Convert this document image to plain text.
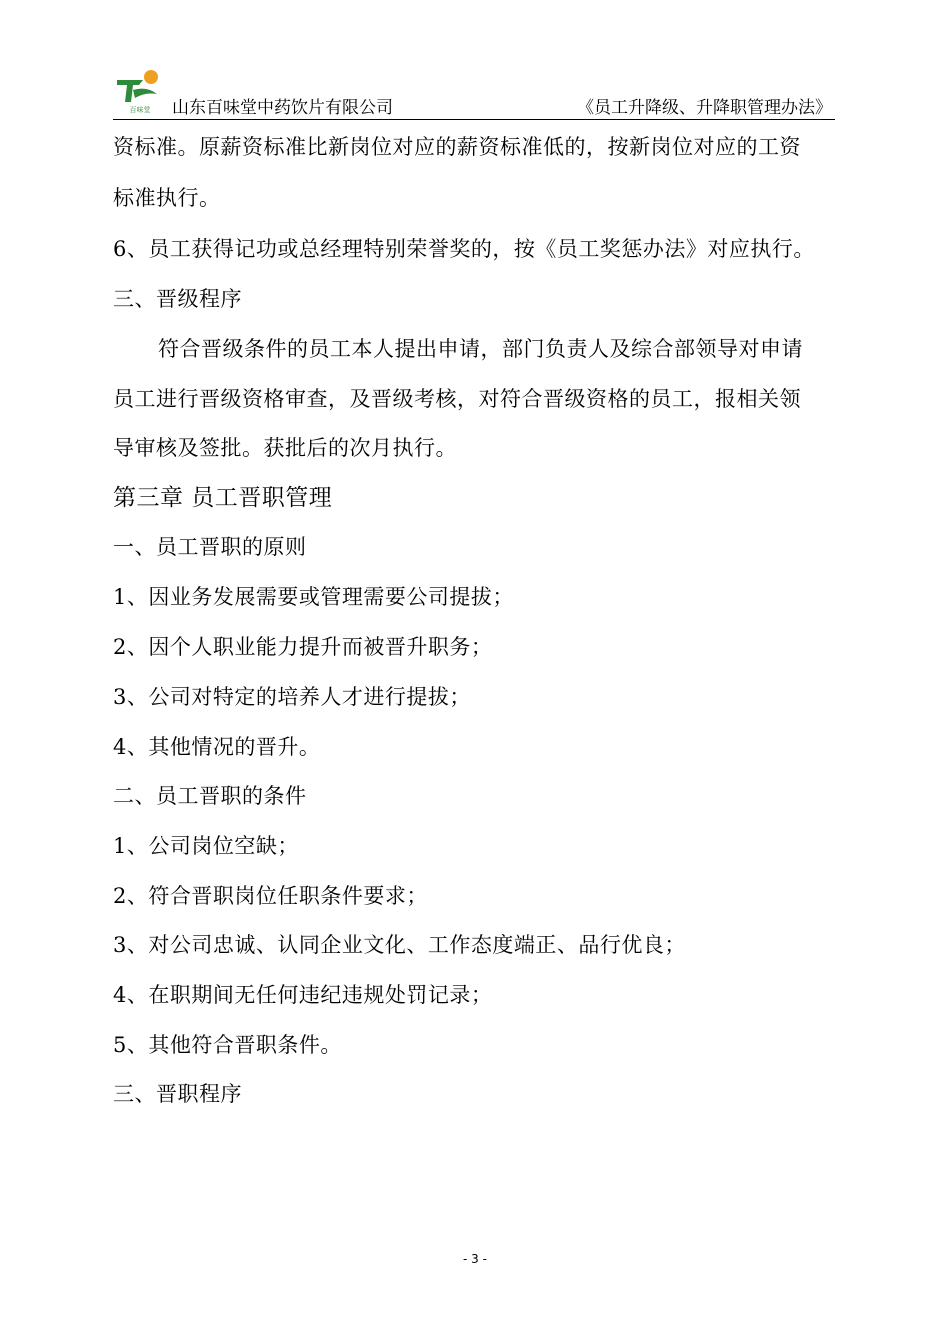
百味堂 山东百味堂中药饮片有限公司	《员工升降级、升降职管理办法》
资标准。原薪资标准比新岗位对应的薪资标准低的，按新岗位对应的工资
标准执行。
6、员工获得记功或总经理特别荣誉奖的，按《员工奖惩办法》对应执行。
三、晋级程序
符合晋级条件的员工本人提出申请，部门负责人及综合部领导对申请
员工进行晋级资格审查，及晋级考核，对符合晋级资格的员工，报相关领
导审核及签批。获批后的次月执行。
第三章 员工晋职管理
一、员工晋职的原则
1、因业务发展需要或管理需要公司提拔；
2、因个人职业能力提升而被晋升职务；
3、公司对特定的培养人才进行提拔；
4、其他情况的晋升。
二、员工晋职的条件
1、公司岗位空缺；
2、符合晋职岗位任职条件要求；
3、对公司忠诚、认同企业文化、工作态度端正、品行优良；
4、在职期间无任何违纪违规处罚记录；
5、其他符合晋职条件。
三、晋职程序
- 3 -
